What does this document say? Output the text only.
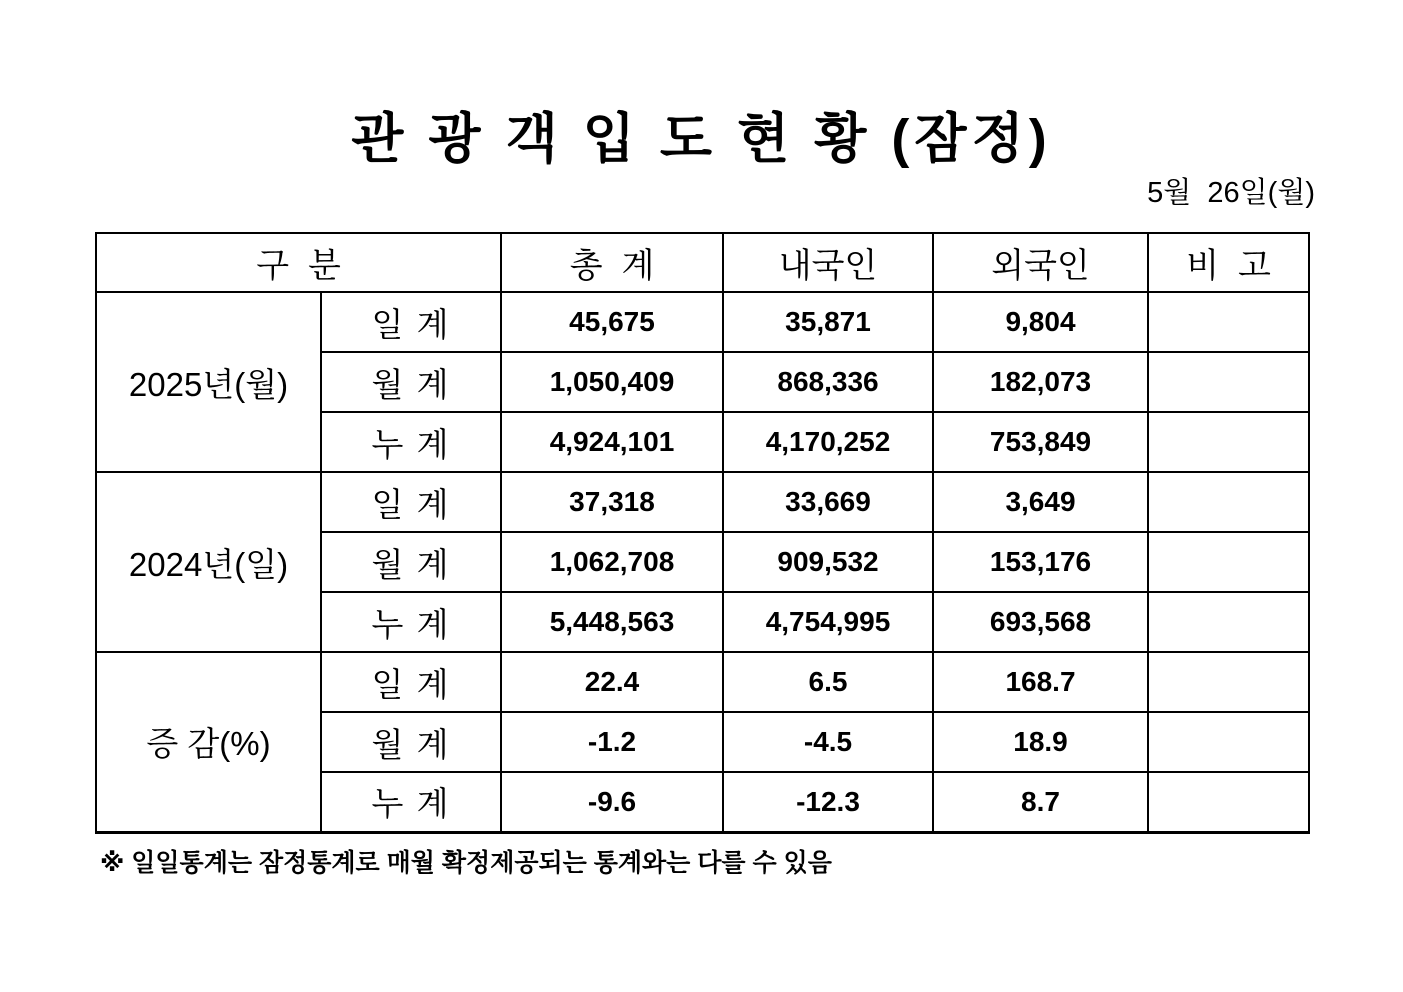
관 광 객 입 도 현 황 (잠정)
5월  26일(월)
구  분		총  계	내국인	외국인	비  고
2025년(월)	일 계	45,675	35,871	9,804	
	월 계	1,050,409	868,336	182,073	
	누 계	4,924,101	4,170,252	753,849	
2024년(일)	일 계	37,318	33,669	3,649	
	월 계	1,062,708	909,532	153,176	
	누 계	5,448,563	4,754,995	693,568	
증 감(%)	일 계	22.4	6.5	168.7	
	월 계	-1.2	-4.5	18.9	
	누 계	-9.6	-12.3	8.7	
※ 일일통계는 잠정통계로 매월 확정제공되는 통계와는 다를 수 있음
